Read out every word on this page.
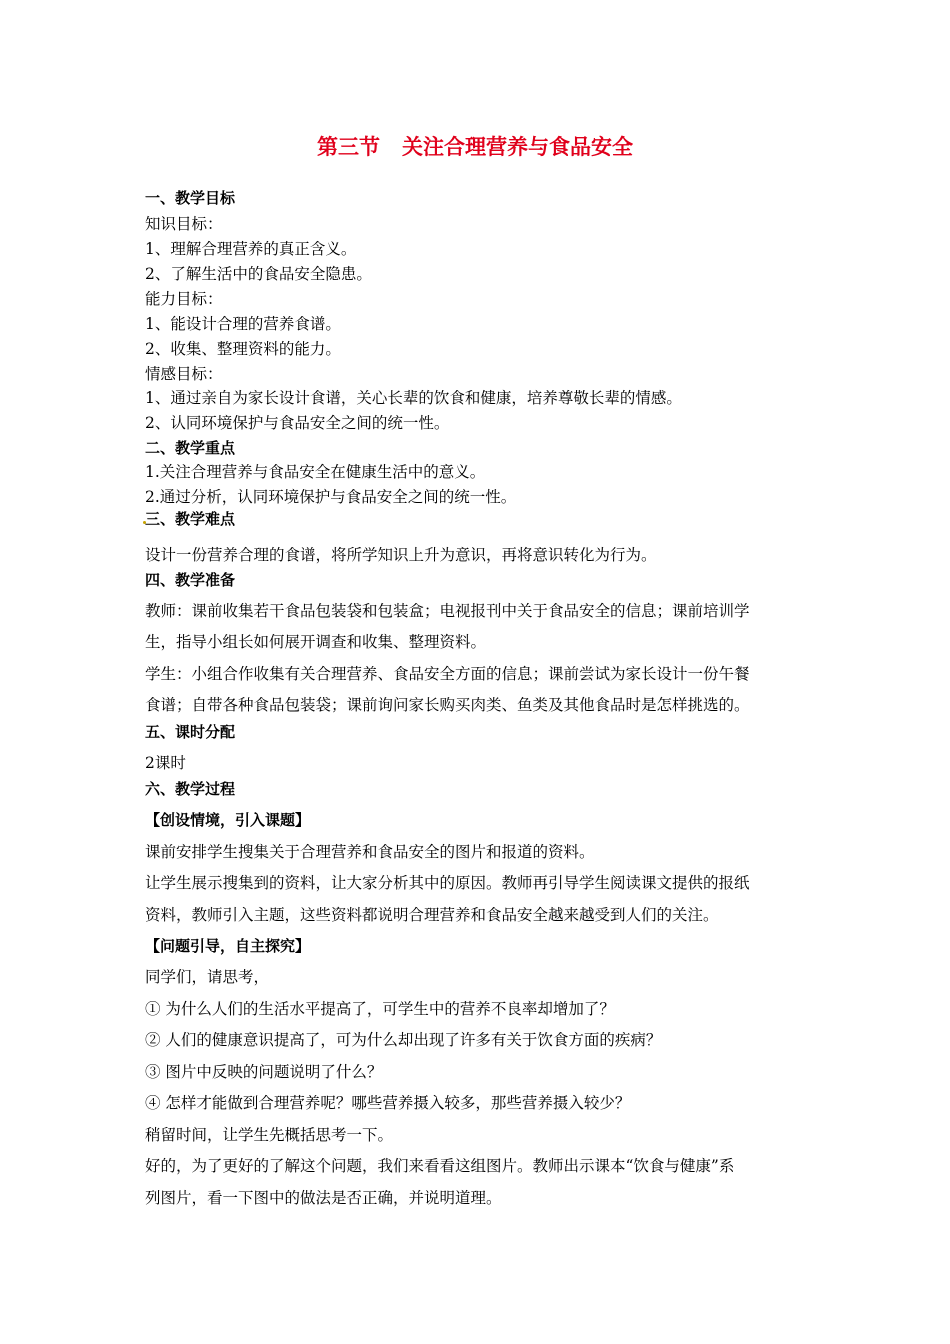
第三节   关注合理营养与食品安全
一、教学目标
知识目标：
1、理解合理营养的真正含义。
2、了解生活中的食品安全隐患。
能力目标：
1、能设计合理的营养食谱。
2、收集、整理资料的能力。
情感目标：
1、通过亲自为家长设计食谱，关心长辈的饮食和健康，培养尊敬长辈的情感。
2、认同环境保护与食品安全之间的统一性。
二、教学重点
1.关注合理营养与食品安全在健康生活中的意义。
2.通过分析，认同环境保护与食品安全之间的统一性。
三、教学难点
设计一份营养合理的食谱，将所学知识上升为意识，再将意识转化为行为。
四、教学准备
教师：课前收集若干食品包装袋和包装盒；电视报刊中关于食品安全的信息；课前培训学
生，指导小组长如何展开调查和收集、整理资料。
学生：小组合作收集有关合理营养、食品安全方面的信息；课前尝试为家长设计一份午餐
食谱；自带各种食品包装袋；课前询问家长购买肉类、鱼类及其他食品时是怎样挑选的。
五、课时分配
2课时
六、教学过程
【创设情境，引入课题】
课前安排学生搜集关于合理营养和食品安全的图片和报道的资料。
让学生展示搜集到的资料，让大家分析其中的原因。教师再引导学生阅读课文提供的报纸
资料，教师引入主题，这些资料都说明合理营养和食品安全越来越受到人们的关注。
【问题引导，自主探究】
同学们，请思考，
① 为什么人们的生活水平提高了，可学生中的营养不良率却增加了？
② 人们的健康意识提高了，可为什么却出现了许多有关于饮食方面的疾病？
③ 图片中反映的问题说明了什么？
④ 怎样才能做到合理营养呢？哪些营养摄入较多，那些营养摄入较少？
稍留时间，让学生先概括思考一下。
好的，为了更好的了解这个问题，我们来看看这组图片。教师出示课本“饮食与健康”系
列图片，看一下图中的做法是否正确，并说明道理。
